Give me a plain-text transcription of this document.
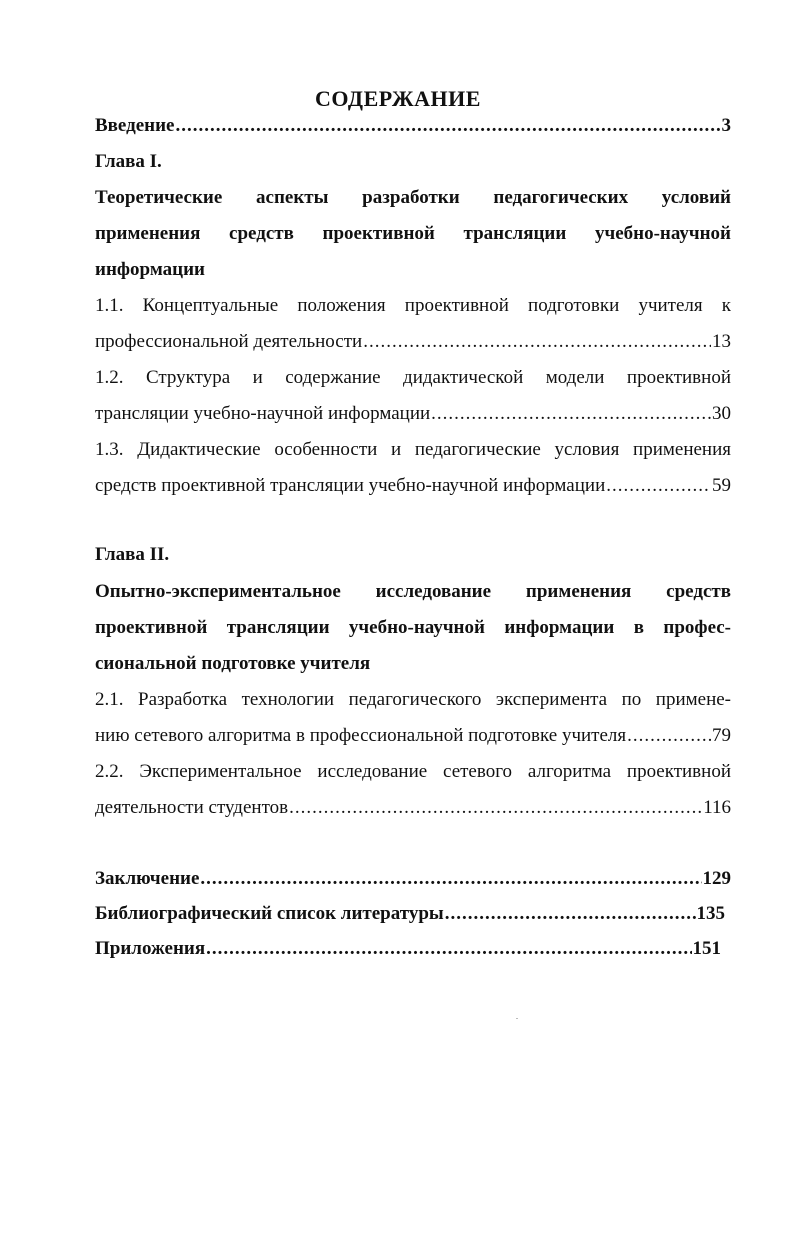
СОДЕРЖАНИЕ
Введение .....	3
Глава I.
Теоретические аспекты разработки педагогических условий
применения средств проективной трансляции учебно-научной
информации
1.1. Концептуальные положения проективной подготовки учителя к
профессиональной деятельности .....	13
1.2. Структура и содержание дидактической модели проективной
трансляции учебно-научной информации .....	30
1.3. Дидактические особенности и педагогические условия применения
средств проективной трансляции учебно-научной информации .....	59
Глава II.
Опытно-экспериментальное исследование применения средств
проективной трансляции учебно-научной информации в профес-
сиональной подготовке учителя
2.1. Разработка технологии педагогического эксперимента по примене-
нию сетевого алгоритма в профессиональной подготовке учителя .....	79
2.2. Экспериментальное исследование сетевого алгоритма проективной
деятельности студентов .....	116
Заключение .....	129
Библиографический список литературы .....	135
Приложения .....	151
